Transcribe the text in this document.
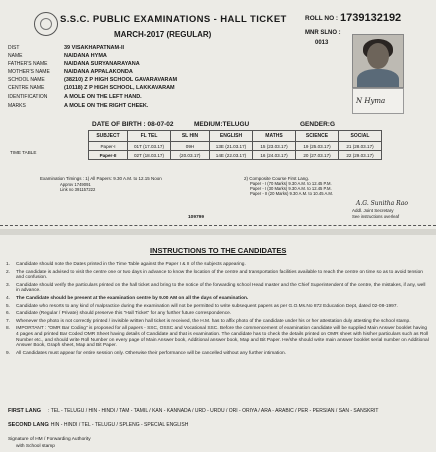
S.S.C. PUBLIC EXAMINATIONS - HALL TICKET
MARCH-2017 (REGULAR)
ROLL NO : 1739132192
MNR SLNO :
0013
N Hyma
DIST	39 VISAKHAPATNAM-II
NAME	NAIDANA HYMA
FATHER'S NAME	NAIDANA SURYANARAYANA
MOTHER'S NAME	NAIDANA APPALAKONDA
SCHOOL NAME	(38210) Z P HIGH SCHOOL GAVARAVARAM
CENTRE NAME	(10118) Z P HIGH SCHOOL, LAKKAVARAM
IDENTIFICATION	A MOLE ON THE LEFT HAND.
MARKS	A MOLE ON THE RIGHT CHEEK.
DATE OF BIRTH : 08-07-02	MEDIUM:TELUGU	GENDER:G
TIME TABLE
SUBJECT	FL TEL	SL HIN	ENGLISH	MATHS	SCIENCE	SOCIAL
Paper-I	01T (17.03.17)	09H	13E (21.03.17)	15 (23.03.17)	19 (25.03.17)	21 (28.03.17)
Paper-II	02T (18.03.17)	(20.03.17)	14E (22.03.17)	16 (24.03.17)	20 (27.03.17)	22 (29.03.17)
Examination Timings : 1) All Papers: 9.30 A.M. to 12.15 Noon	2) Composite Course First Lang.
Approv 1749091
Link no 391157222
Paper - I (70 Marks) 9.30 A.M. to 12.45 P.M.
Paper - I (30 Marks) 9.30 A.M. to 12.45 P.M.
Paper - II (20 Marks) 9.30 A.M. to 10.45 A.M.
A.G. Sunitha Rao
Addl. Joint Secretary
See instructions overleaf
109799
INSTRUCTIONS TO THE CANDIDATES
1.	Candidate should note the Dates printed in the Time Table against the Paper I & II of the subjects appearing.
2.	The candidate is advised to visit the centre one or two days in advance to know the location of the centre and transportation facilities available to reach the centre on time so as to avoid tension and confusion.
3.	Candidate should verify the particulars printed on the hall ticket and bring to the notice of the forwarding school Head master and the Chief Superintendent of the centre, the mistakes, if any, well in advance.
4.	The Candidate should be present at the examination centre by 9.00 AM on all the days of examination.
5.	Candidate who resorts to any kind of malpractice during the examination will not be permitted to write subsequent papers as per G.O.Ms.No 872 Education Dept, dated 02-08-1997.
6.	Candidate (Regular / Private) should preserve this "Hall Ticket" for any further future correspondence.
7.	Whenever the photo is not correctly printed / invisible written hall ticket is received, the H.M. has to affix photo of the candidate under his or her attestation duly attesting the school stamp.
8.	IMPORTANT : "OMR Bar Coding" is proposed for all papers - SSC, OSSC and Vocational SSC. Before the commencement of examination candidate will be supplied Main Answer booklet having 4 pages and printed Bar Coded OMR Sheet having details of Candidate and that is examination. The candidate has to check the details printed on OMR sheet with his/her particulars such as Roll Number etc., and should write Roll Number on every page of Main Answer book, Additional answer book, Map and Bit Paper. He/she should write main answer booklet serial number on Additional Answer Book, Graph sheet, Map and Bit Paper.
9.	All Candidates must appear for entire session only. Otherwise their performance will be cancelled without any further intimation.
FIRST LANG : TEL - TELUGU / HIN - HINDI / TAM - TAMIL / KAN - KANNADA / URD - URDU / ORI - ORIYA / ARA - ARABIC / PER - PERSIAN / SAN - SANSKRIT
SECOND LANG: HIN - HINDI / TEL - TELUGU / SPLENG - SPECIAL ENGLISH
Signature of HM / Forwarding Authority
with School stamp
